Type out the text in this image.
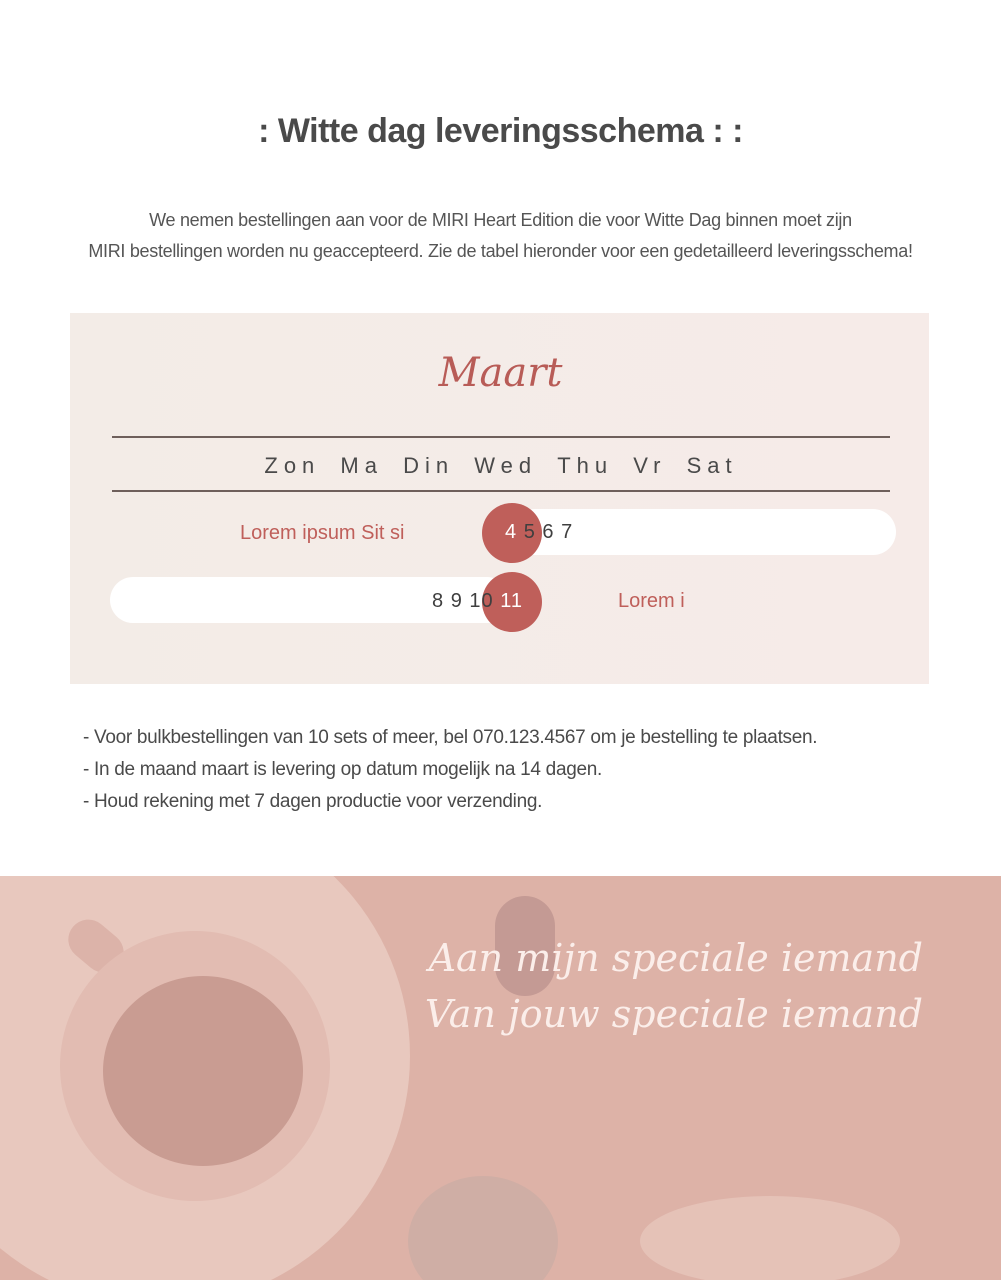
: Witte dag leveringsschema : :
We nemen bestellingen aan voor de MIRI Heart Edition die voor Witte Dag binnen moet zijn
MIRI bestellingen worden nu geaccepteerd. Zie de tabel hieronder voor een gedetailleerd leveringsschema!
Maart
Zon Ma Din Wed Thu Vr Sat
Lorem ipsum Sit si	4 5 6 7
8 9 10 11	Lorem i
- Voor bulkbestellingen van 10 sets of meer, bel 070.123.4567 om je bestelling te plaatsen.
- In de maand maart is levering op datum mogelijk na 14 dagen.
- Houd rekening met 7 dagen productie voor verzending.
Aan mijn speciale iemand
Van jouw speciale iemand
